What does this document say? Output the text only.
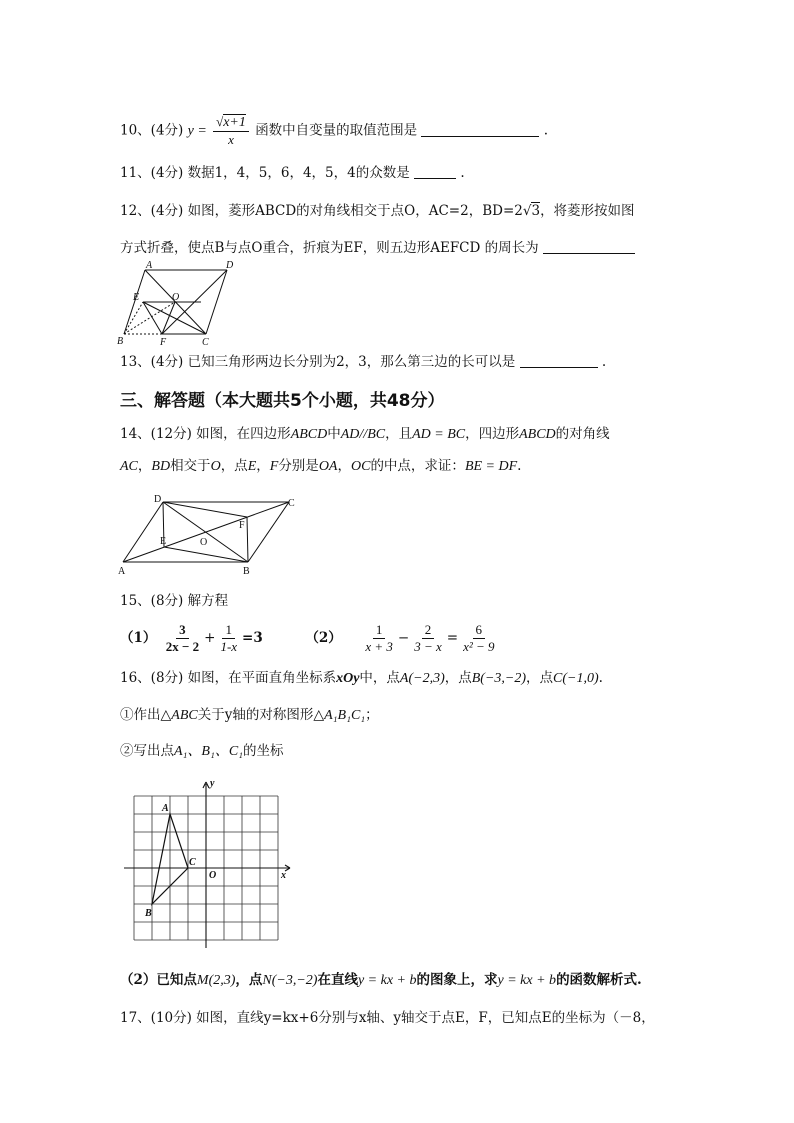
10、(4分) $y = \frac{√x+1}{x}$ 函数中自变量的取值范围是	.
11、(4分) 数据1，4，5，6，4，5，4的众数是	.
12、(4分) 如图，菱形ABCD的对角线相交于点O，AC=2，BD=2√3，将菱形按如图
方式折叠，使点B与点O重合，折痕为EF，则五边形AEFCD 的周长为
A	D
E	O
B	F	C
13、(4分) 已知三角形两边长分别为2，3，那么第三边的长可以是	.
三、解答题（本大题共5个小题，共48分）
14、(12分) 如图，在四边形ABCD中AD//BC，且AD = BC，四边形ABCD的对角线
AC，BD相交于O，点E，F分别是OA，OC的中点，求证：BE = DF.
D	C
F
E	O
A	B
15、(8分) 解方程
$(1) \frac{3}{2x - 2} + \frac{1}{1-x} =3$	$(2) \frac{1}{x + 3} - \frac{2}{3 - x} = \frac{6}{\text{x² − 9}}$
16、(8分) 如图，在平面直角坐标系xOy中，点A(−2,3)，点B(−3,−2)，点C(−1,0).
①作出△ABC关于y轴的对称图形△A₁B₁C₁；
②写出点A₁、B₁、C₁的坐标
y
x
A
B
C
O
（2）已知点M(2,3)，点N(−3,−2)在直线y = kx + b的图象上，求y = kx + b的函数解析式.
17、(10分) 如图，直线y=kx+6分别与x轴、y轴交于点E，F，已知点E的坐标为（－8，
